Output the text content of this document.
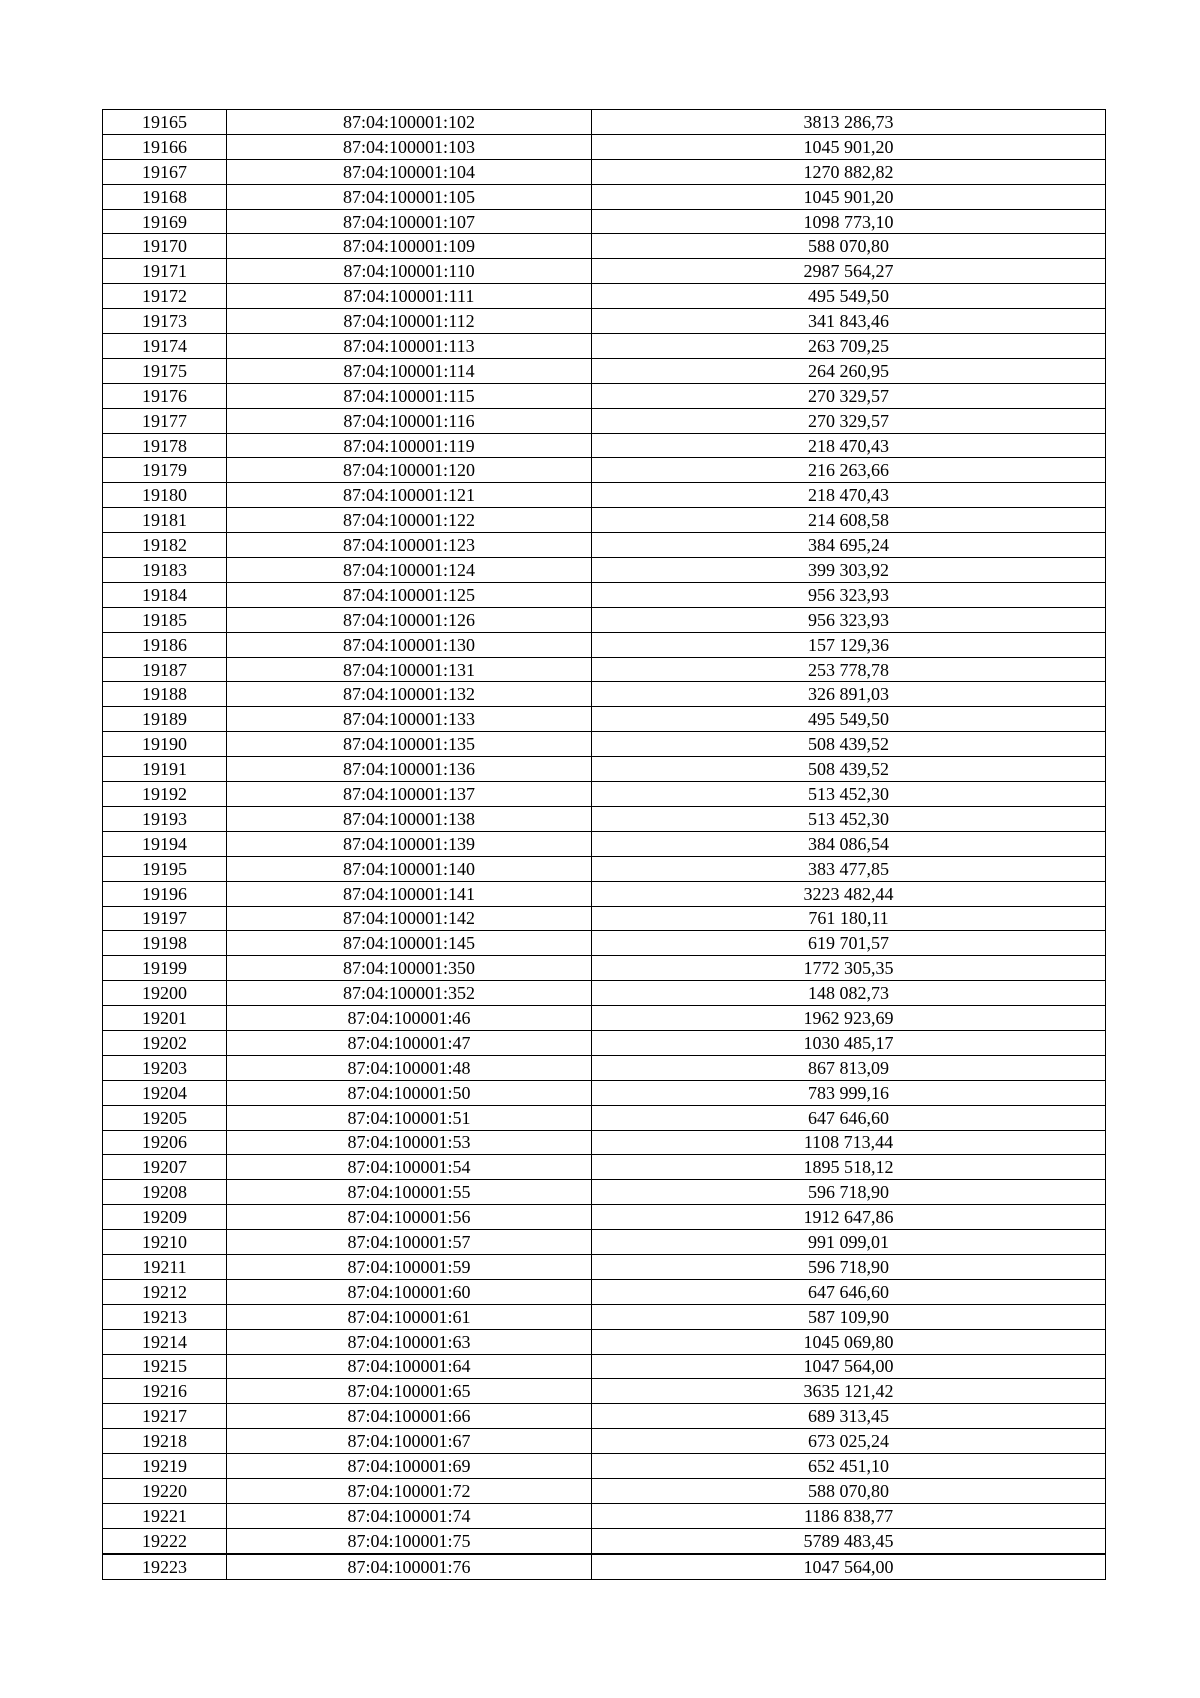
19165	87:04:100001:102	3813 286,73
19166	87:04:100001:103	1045 901,20
19167	87:04:100001:104	1270 882,82
19168	87:04:100001:105	1045 901,20
19169	87:04:100001:107	1098 773,10
19170	87:04:100001:109	588 070,80
19171	87:04:100001:110	2987 564,27
19172	87:04:100001:111	495 549,50
19173	87:04:100001:112	341 843,46
19174	87:04:100001:113	263 709,25
19175	87:04:100001:114	264 260,95
19176	87:04:100001:115	270 329,57
19177	87:04:100001:116	270 329,57
19178	87:04:100001:119	218 470,43
19179	87:04:100001:120	216 263,66
19180	87:04:100001:121	218 470,43
19181	87:04:100001:122	214 608,58
19182	87:04:100001:123	384 695,24
19183	87:04:100001:124	399 303,92
19184	87:04:100001:125	956 323,93
19185	87:04:100001:126	956 323,93
19186	87:04:100001:130	157 129,36
19187	87:04:100001:131	253 778,78
19188	87:04:100001:132	326 891,03
19189	87:04:100001:133	495 549,50
19190	87:04:100001:135	508 439,52
19191	87:04:100001:136	508 439,52
19192	87:04:100001:137	513 452,30
19193	87:04:100001:138	513 452,30
19194	87:04:100001:139	384 086,54
19195	87:04:100001:140	383 477,85
19196	87:04:100001:141	3223 482,44
19197	87:04:100001:142	761 180,11
19198	87:04:100001:145	619 701,57
19199	87:04:100001:350	1772 305,35
19200	87:04:100001:352	148 082,73
19201	87:04:100001:46	1962 923,69
19202	87:04:100001:47	1030 485,17
19203	87:04:100001:48	867 813,09
19204	87:04:100001:50	783 999,16
19205	87:04:100001:51	647 646,60
19206	87:04:100001:53	1108 713,44
19207	87:04:100001:54	1895 518,12
19208	87:04:100001:55	596 718,90
19209	87:04:100001:56	1912 647,86
19210	87:04:100001:57	991 099,01
19211	87:04:100001:59	596 718,90
19212	87:04:100001:60	647 646,60
19213	87:04:100001:61	587 109,90
19214	87:04:100001:63	1045 069,80
19215	87:04:100001:64	1047 564,00
19216	87:04:100001:65	3635 121,42
19217	87:04:100001:66	689 313,45
19218	87:04:100001:67	673 025,24
19219	87:04:100001:69	652 451,10
19220	87:04:100001:72	588 070,80
19221	87:04:100001:74	1186 838,77
19222	87:04:100001:75	5789 483,45
19223	87:04:100001:76	1047 564,00
